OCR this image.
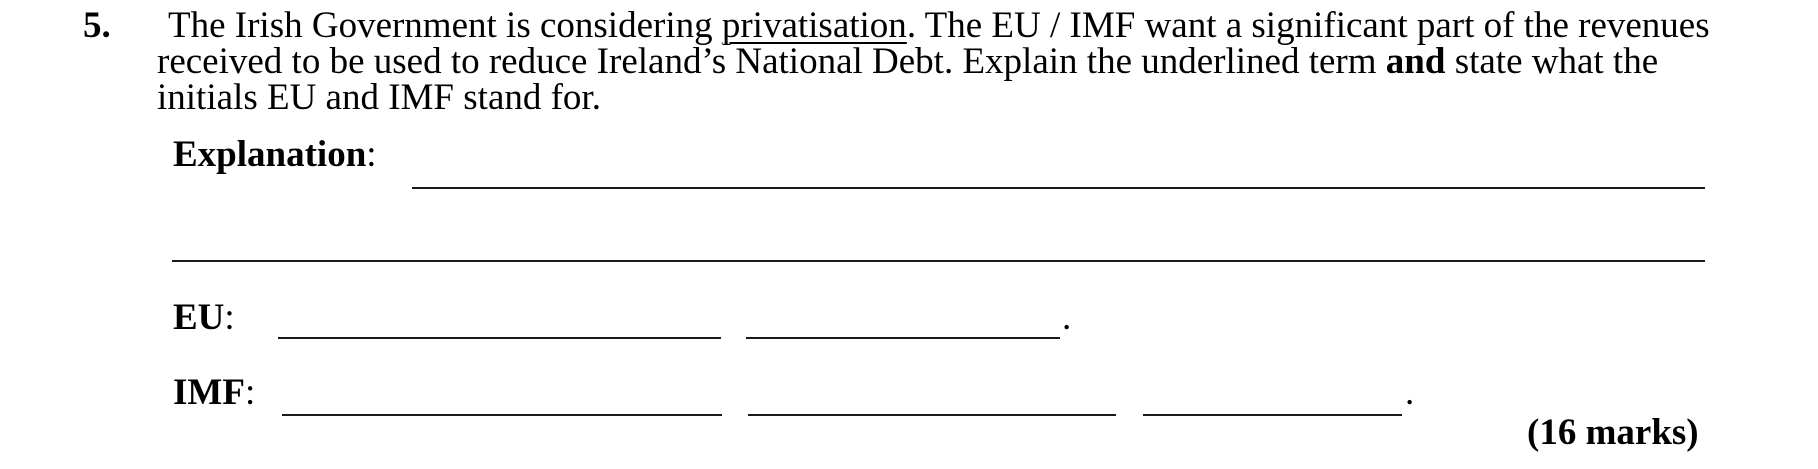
5. The Irish Government is considering privatisation. The EU / IMF want a significant part of the revenues
received to be used to reduce Ireland’s National Debt. Explain the underlined term and state what the
initials EU and IMF stand for.
Explanation:
EU:	.
IMF:	.
(16 marks)
